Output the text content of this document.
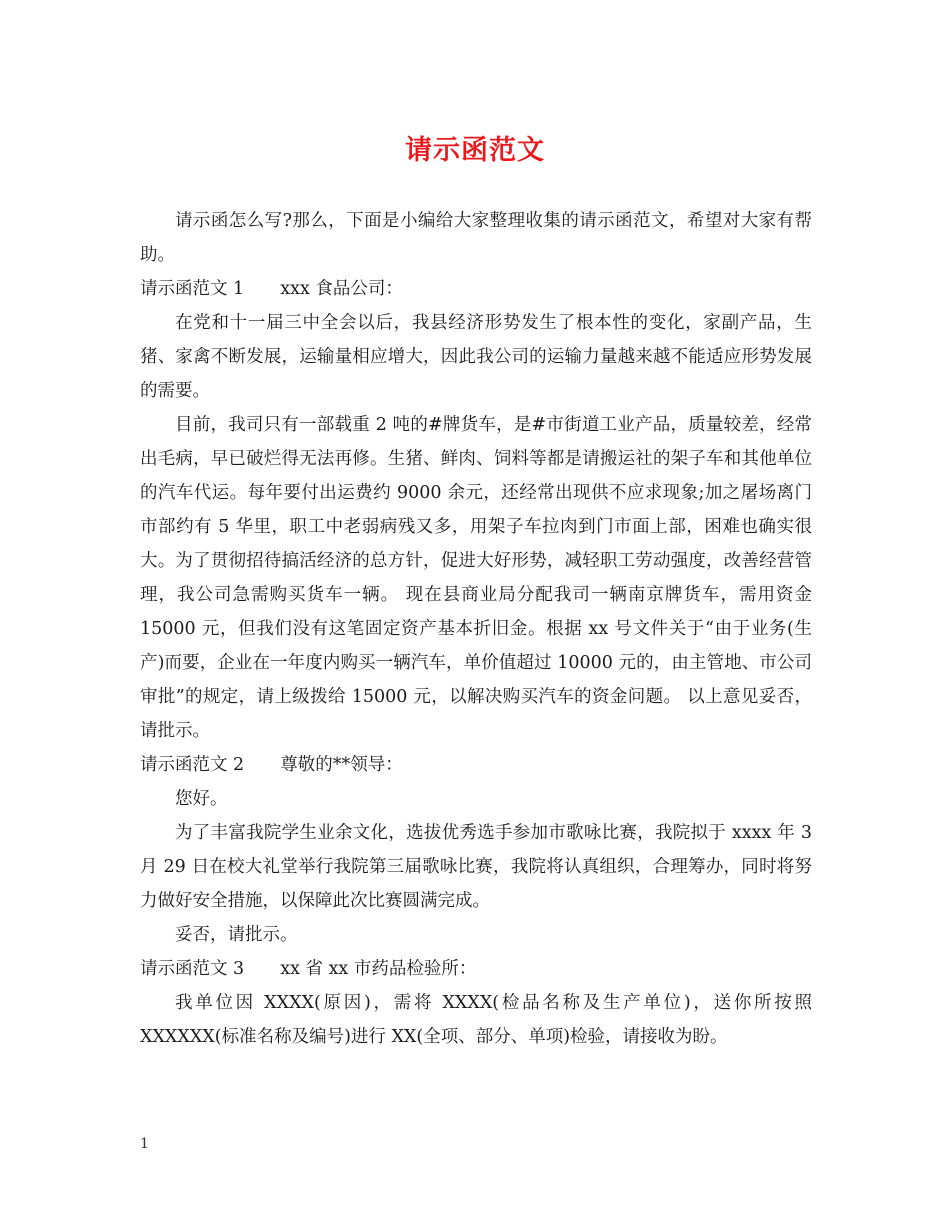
请示函范文

请示函怎么写?那么，下面是小编给大家整理收集的请示函范文，希望对大家有帮助。

请示函范文 1 xxx 食品公司：

在党和十一届三中全会以后，我县经济形势发生了根本性的变化，家副产品，生猪、家禽不断发展，运输量相应增大，因此我公司的运输力量越来越不能适应形势发展的需要。

目前，我司只有一部载重 2 吨的#牌货车，是#市街道工业产品，质量较差，经常出毛病，早已破烂得无法再修。生猪、鲜肉、饲料等都是请搬运社的架子车和其他单位的汽车代运。每年要付出运费约 9000 余元，还经常出现供不应求现象;加之屠场离门市部约有 5 华里，职工中老弱病残又多，用架子车拉肉到门市面上部，困难也确实很大。为了贯彻招待搞活经济的总方针，促进大好形势，减轻职工劳动强度，改善经营管理，我公司急需购买货车一辆。 现在县商业局分配我司一辆南京牌货车，需用资金 15000 元，但我们没有这笔固定资产基本折旧金。根据 xx 号文件关于“由于业务(生产)而要，企业在一年度内购买一辆汽车，单价值超过 10000 元的，由主管地、市公司审批”的规定，请上级拨给 15000 元，以解决购买汽车的资金问题。 以上意见妥否，请批示。

请示函范文 2 尊敬的**领导：

您好。

为了丰富我院学生业余文化，选拔优秀选手参加市歌咏比赛，我院拟于 xxxx 年 3 月 29 日在校大礼堂举行我院第三届歌咏比赛，我院将认真组织，合理筹办，同时将努力做好安全措施，以保障此次比赛圆满完成。

妥否，请批示。

请示函范文 3 xx 省 xx 市药品检验所：

我单位因 XXXX(原因)，需将 XXXX(检品名称及生产单位)，送你所按照 XXXXXX(标准名称及编号)进行 XX(全项、部分、单项)检验，请接收为盼。

1
